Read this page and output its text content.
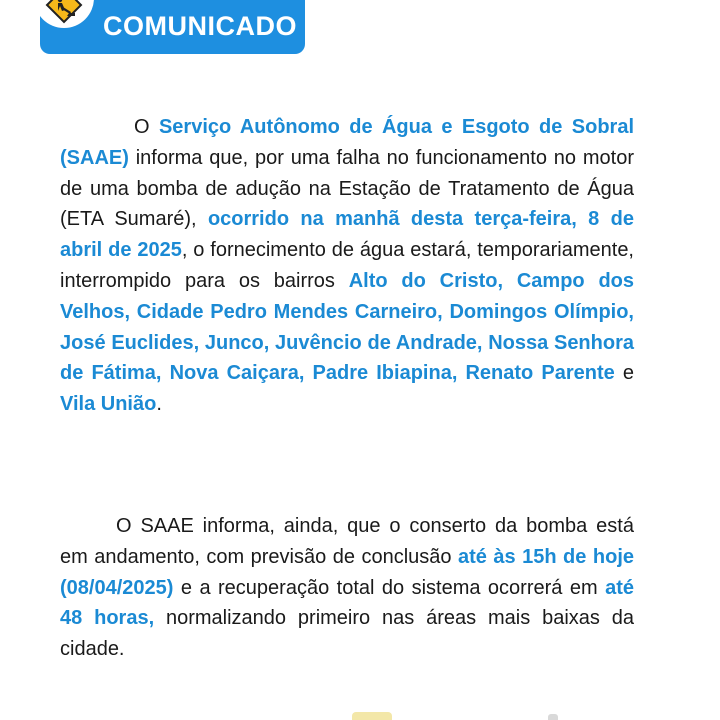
COMUNICADO
O Serviço Autônomo de Água e Esgoto de Sobral (SAAE) informa que, por uma falha no funcionamento no motor de uma bomba de adução na Estação de Tratamento de Água (ETA Sumaré), ocorrido na manhã desta terça-feira, 8 de abril de 2025, o fornecimento de água estará, temporariamente, interrompido para os bairros Alto do Cristo, Campo dos Velhos, Cidade Pedro Mendes Carneiro, Domingos Olímpio, José Euclides, Junco, Juvêncio de Andrade, Nossa Senhora de Fátima, Nova Caiçara, Padre Ibiapina, Renato Parente e Vila União.
O SAAE informa, ainda, que o conserto da bomba está em andamento, com previsão de conclusão até às 15h de hoje (08/04/2025) e a recuperação total do sistema ocorrerá em até 48 horas, normalizando primeiro nas áreas mais baixas da cidade.
